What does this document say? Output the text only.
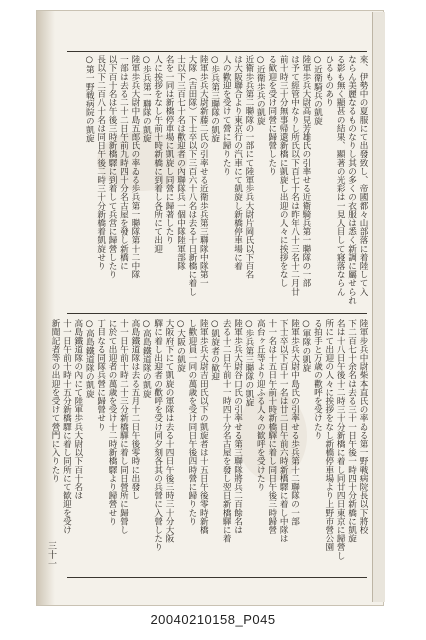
來、伊勢中の夏服にて出發致し、帝國都々山部落に着陸して入
ならん美麗なるものなりし其の多くの衣服は悉く新調に屬せられ
る影も無く顯甚の結果、顯著の光彩は一見人目して寢落ならん
ひるものあり
○近衛騎兵の凱旋
陸軍歩兵大尉高見芳雄氏の引率せる近衛騎兵第一聯隊の一部
は予て經管中なりし所氏以下百七十名は昨年八十三名十二月廿
前十時三十分無事帰還新橋に凱旋し出迎の人々に挨拶をなし
る歓迎を受け同營に歸營したり
○近衛歩兵の凱旋
近衛歩兵第二聯隊の一部にて陸軍歩兵大尉片岡氏以下百名
は大阪聯合より東京行の汽車にて凱旋し新橋停車場に着
人の歡迎を受けて營に歸りたり
○歩兵第三聯隊の凱旋
陸軍歩兵大尉新藤二氏の引率せる近衛歩兵第三聯隊中隊第一
大隊（吉田隊）下士卒以下三百六十八名は去る十日新橋に着し
士以下三百七十名は歡迎者の內聯隊兵一個中隊陸軍部隊
名を一同は新橋停車場に凱旋し同營に歸著したり
人に挨拶をなし午前十時新橋に到着し各所にて出迎
○歩兵第一聯隊の凱旋
陸軍歩兵大尉中島五郎氏の率ゐる歩兵第一聯隊第十二中隊
一部は去る二十二日午前九時四十分名古屋を發し新橋に
以下百十名は午後三時新橋驛に到着して兵営に歸營したり
長以下二百八十名は同日午後二時三十分新橋着凱旋せり
○第一野戦病院の凱旋
陸軍步兵中尉柴本直氏の率ゐる第一野戦病院長以下將校
下二百七十余名は去る三十一日午後一時四十分新橋に凱旋
名は十八日午後十二時三十分新橋に着し同廿四日東京に歸營し
所にて出迎の人々に挨拶をなし新橋停車場より上野市營公園
る拍手と万歳の歡呼を受けたり
○軍隊の凱旋
陸軍歩兵大尉中島氏の引率せる歩兵第十二聯隊の一部
下士卒以下百十一名は廿二日午前六時新橋驛に着し中隊は
十一名は十五日午前十時新橋驛に着し同日午後三時歸營
高台ヶ丘等より迎ふる人々の歓呼を受けたり
○歩兵第三聯隊の凱旋
陸軍歩兵大尉谷口氏の引率せる第三聯隊將兵二百餘名は
去る十二日午前十一時四十分名古屋を發し翌日新橋驛に着
○凱旋者の歓迎
陸軍歩兵大尉吉田氏以下の凱旋者は十五日午後零時新橋
し歡迎員一同の萬歳を受け同日午後四時營に歸りたり
○大阪の凱旋
大阪府下にて凱旋の軍隊は去る十四日午後三時三十分大阪
驛に着し出迎者の歡呼を受け同夕刻各其の兵營に入營したり
○高島鐵道隊の凱旋
高島鐵道隊は去る五月十二日午後零時に出發し
十一日午前十時二十三分新橋驛に着し同日營所に歸營し
に於て出迎者の萬歳を受け十二時新橋驛より歸營せり
丁目なる同隊兵營に歸營せり
○高島鐵道隊の凱旋
高島鐵道隊の內にて陸軍歩兵大尉以下百十名は
十一日午前十時十五分新橋驛に着し同所にて歓迎を受け
新聞記者等の出迎を受けて營門に入りたり
三十一
20040210158_P045
